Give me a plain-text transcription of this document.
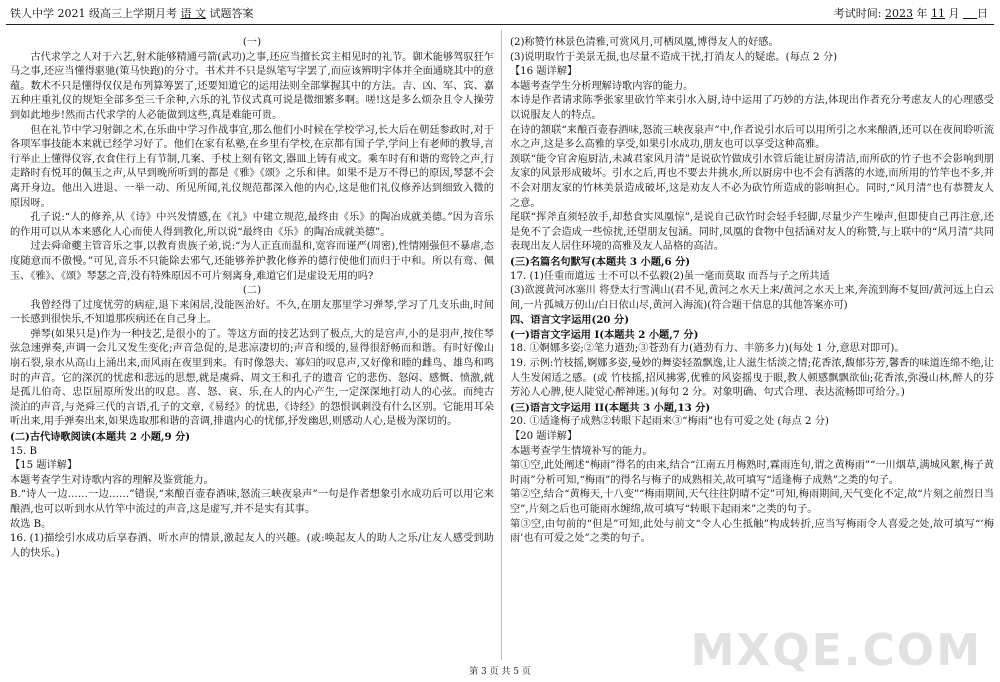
铁人中学 2021 级高三上学期月考 语 文 试题答案	考试时间: 2023 年 11 月 日

(一)

古代求学之人对于六艺,射术能够精通弓箭(武功)之事,还应当擅长宾主相见时的礼节。御术能够驾驭狂乍马之事,还应当懂得驱驰(策马快跑)的分寸。书术并不只是纵笔写字罢了,而应该辨明字体并全面通晓其中的意蕴。数术不只是懂得仅仅是布列算筹罢了,还要知道它的运用法则全部掌握其中的方法。吉、凶、军、宾、嘉五种庄重礼仪的规矩全部多至三千余种,六乐的礼节仪式真可说是微细繁多啊。嗟!这是多么烦杂且令人操劳到如此地步!然而古代求学的人必能做到这些,真是难能可贵。

但在礼节中学习射御之术,在乐曲中学习作战事宜,那么他们小时候在学校学习,长大后在朝廷参政时,对于各项军事技能本来就已经学习好了。他们在家有私塾,在乡里有学校,在京都有国子学,学问上有老师的教导,言行举止上懂得仪容,衣食住行上有节制,几案、手杖上刻有铭文,器皿上铸有戒文。乘车时有和谐的鸾铃之声,行走路时有悦耳的佩玉之声,从早到晚所听到的都是《雅》《颂》之乐和律。如果不是万不得已的原因,琴瑟不会离开身边。他出入进退、一举一动、所见所闻,礼仪规范都深入他的内心,这是他们礼仪修养达到细致入微的原因呀。

孔子说:“人的修养,从《诗》中兴发情感,在《礼》中建立规范,最终由《乐》的陶冶成就美德。”因为音乐的作用可以从本来感化人心而使人得到教化,所以说“最终由《乐》的陶冶成就美德”。

过去舜命夔主管音乐之事,以教育贵族子弟,说:“为人正直而温和,宽容而谨严(周密),性情刚强但不暴虐,态度随意而不傲慢。”可见,音乐不只能除去邪气,还能够养护教化修养的德行使他们而归于中和。所以有鸾、佩玉、《雅》、《颂》琴瑟之音,没有特殊原因不可片刻离身,难道它们是虚设无用的吗?

(二)

我曾经得了过度忧劳的病症,退下来闲居,没能医治好。不久,在朋友那里学习弹琴,学习了几支乐曲,时间一长感到很快乐,不知道那疾病还在自己身上。

弹琴(如果只是)作为一种技艺,是很小的了。等这方面的技艺达到了极点,大的是宫声,小的是羽声,按住琴弦急速弹奏,声调一会儿又发生变化;声音急促的,是悲凉凄切的;声音和缓的,显得很舒畅而和谐。有时好像山崩石裂,泉水从高山上涌出来,而风雨在夜里到来。有时像怨夫、寡妇的叹息声,又好像和睦的雌鸟、雄鸟和鸣时的声音。它的深沉的忧虑和悲远的思想,就是虞舜、周文王和孔子的遗音 它的悲伤、怒闷、感慨、愤激,就是孤儿伯奇、忠臣屈原所发出的叹息。喜、怒、哀、乐,在人的内心产生,一定深深地打动人的心弦。而纯古淡泊的声音,与尧舜三代的言语,孔子的文章,《易经》的忧患,《诗经》的怨恨讽刺没有什么区别。它能用耳朵听出来,用手弹奏出来,如果选取那和谐的音调,排遣内心的忧郁,抒发幽思,则感动人心,是极为深切的。

(二)古代诗歌阅读(本题共 2 小题,9 分)

15. B

【15 题详解】

本题考查学生对诗歌内容的理解及鉴赏能力。

B.“诗人一边……一边……”错误,“来酿百壶春酒味,怒流三峡夜泉声”一句是作者想象引水成功后可以用它来酿酒,也可以听到水从竹竿中流过的声音,这是虚写,并不是实有其事。

故选 B。

16. (1)描绘引水成功后享春酒、听水声的情景,激起友人的兴趣。(或:唤起友人的助人之乐/让友人感受到助人的快乐。)

(2)称赞竹林景色清雅,可赏风月,可栖凤凰,博得友人的好感。

(3)说明取竹于美景无损,也尽量不造成干扰,打消友人的疑虑。(每点 2 分)

【16 题详解】

本题考查学生分析理解诗歌内容的能力。

本诗是作者请求陈季张家里砍竹竿来引水入厨,诗中运用了巧妙的方法,体现出作者充分考虑友人的心理感受以说服友人的特点。

在诗的颔联“来酿百壶春酒味,怒流三峡夜泉声”中,作者说引水后可以用所引之水来酿酒,还可以在夜间聆听流水之声,这是多么高雅的享受,如果引水成功,朋友也可以享受这种高雅。

颈联“能令官舍庖厨洁,未减君家风月清”是说砍竹做成引水管后能让厨房清洁,而所砍的竹子也不会影响到朋友家的风景形成破坏。引水之后,再也不要去井挑水,所以厨房中也不会有洒落的水迹,而所用的竹竿也不多,并不会对朋友家的竹林美景造成破坏,这是劝友人不必为砍竹所造成的影响担心。同时,“风月清”也有恭赞友人之意。

尾联“挥斧直须轻放手,却愁食实凤凰惊”,是说自己砍竹时会轻手轻脚,尽量少产生噪声,但即使自己再注意,还是免不了会造成一些惊扰,还望朋友包涵。同时,凤凰的食物中包括涵对友人的称赞,与上联中的“风月清”共同表现出友人居住环境的高雅及友人品格的高洁。

(三)名篇名句默写(本题共 3 小题,6 分)

17. (1)任重而道远 士不可以不弘毅(2)虽一毫而莫取 而吾与子之所共适

(3)欲渡黄河冰塞川 将登太行雪满山(君不见,黄河之水天上来/黄河之水天上来,奔流到海不复回/黄河远上白云间,一片孤城万仞山/白日依山尽,黄河入海流)(符合题干信息的其他答案亦可)

四、语言文字运用(20 分)

(一)语言文字运用 I(本题共 2 小题,7 分)

18. ①婀娜多姿;②笔力遒劲;③苍劲有力(遒劲有力、丰筋多力)(每处 1 分,意思对即可)。

19. 示例:竹枝摇,婀娜多姿,曼妙的舞姿轻盈飘逸,让人滋生恬淡之情;花香浓,馥郁芬芳,馨香的味道连绵不绝,让人生发闲适之感。(或 竹枝摇,招风拂雾,优雅的风姿摇曳于眼,教人顿感飘飘欲仙;花香浓,弥漫山林,醉人的芬芳沁人心脾,使人陡觉心醉神迷。)(每句 2 分。对象明确、句式合理、表达流畅即可给分。)

(三)语言文字运用 II(本题共 3 小题,13 分)

20. ①适逢梅子成熟②转眼下起雨来③“梅雨”也有可爱之处 (每点 2 分)

【20 题详解】

本题考查学生情境补写的能力。

第①空,此处阐述“梅雨”得名的由来,结合“江南五月梅熟时,霖雨连旬,谓之黄梅雨”“一川烟草,满城风絮,梅子黄时雨”分析可知,“梅雨”的得名与梅子的成熟相关,故可填写“适逢梅子成熟”之类的句子。

第②空,结合“黄梅天,十八变”“梅雨期间,天气往往阴晴不定”可知,梅雨期间,天气变化不定,故“片刻之前烈日当空”,片刻之后也可能雨水缠绵,故可填写“转眼下起雨来”之类的句子。

第③空,由句前的“但是”可知,此处与前文“令人心生抵触”构成转折,应当写梅雨令人喜爱之处,故可填写“‘梅雨’也有可爱之处”之类的句子。

第 3 页 共 5 页	MXQE.COM
